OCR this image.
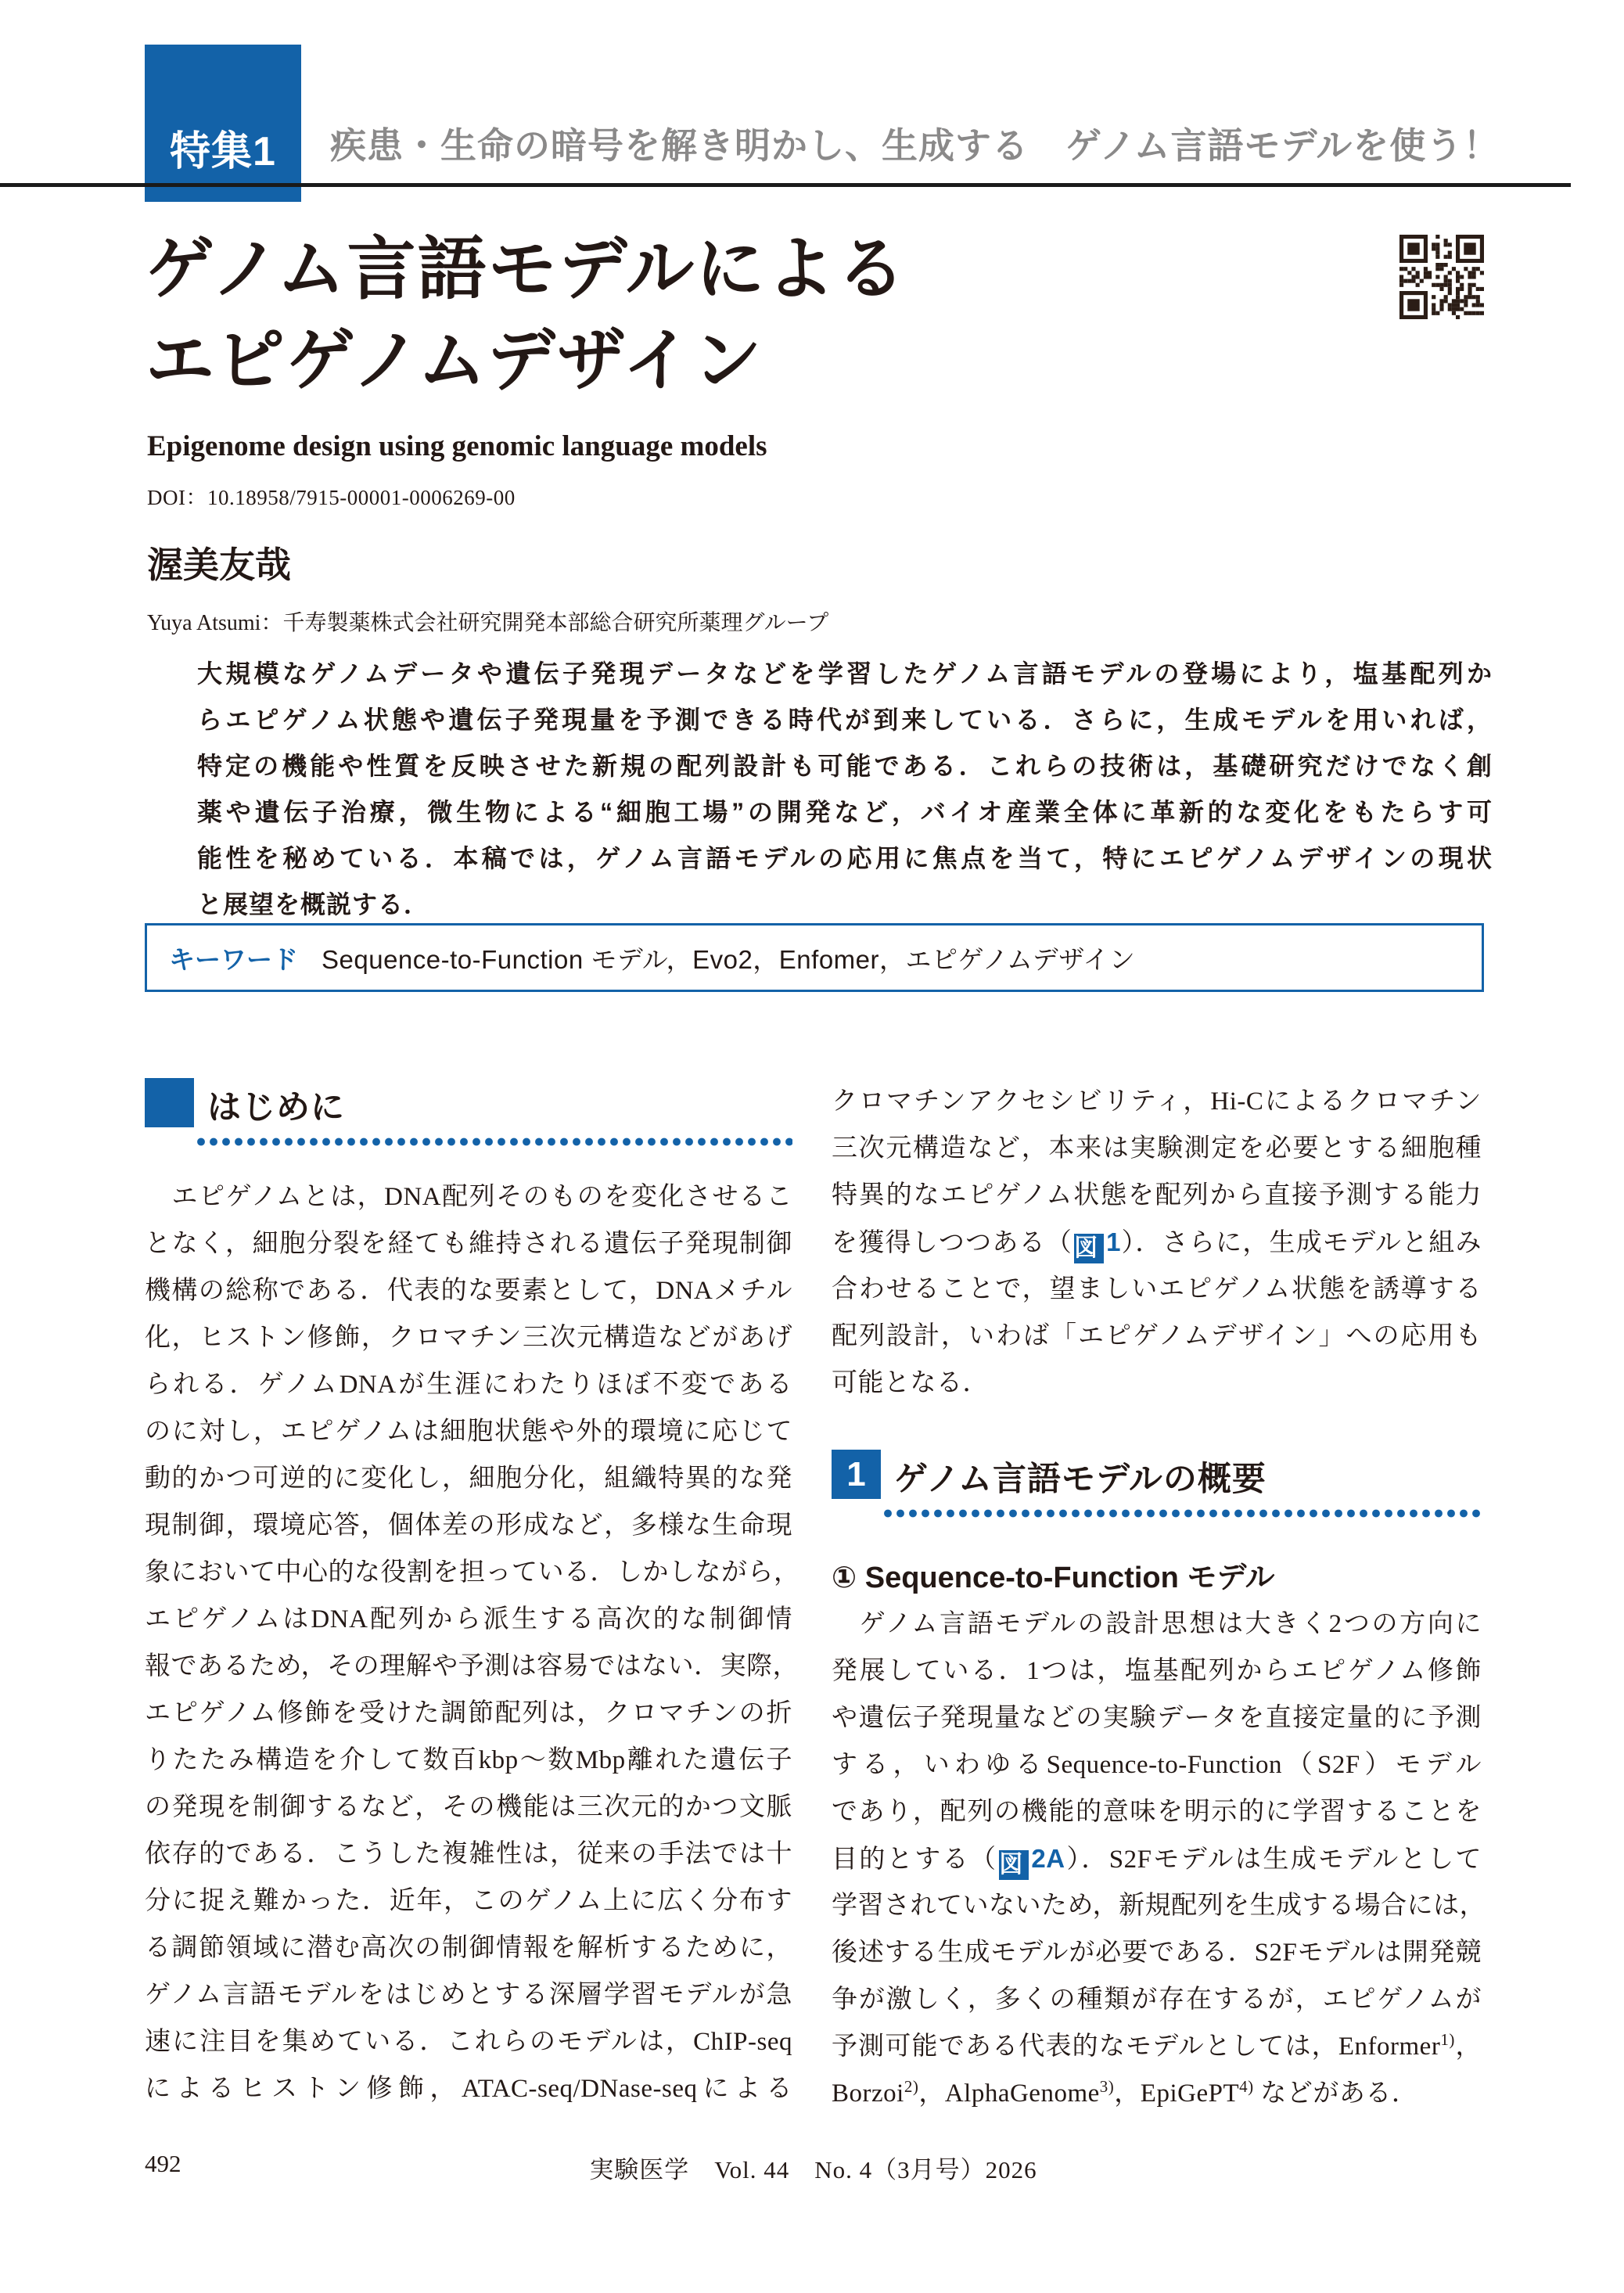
特集1 疾患・生命の暗号を解き明かし、生成する　ゲノム言語モデルを使う！
ゲノム言語モデルによる
エピゲノムデザイン
Epigenome design using genomic language models
DOI：10.18958/7915-00001-0006269-00
渥美友哉
Yuya Atsumi：千寿製薬株式会社研究開発本部総合研究所薬理グループ
大規模なゲノムデータや遺伝子発現データなどを学習したゲノム言語モデルの登場により，塩基配列か
らエピゲノム状態や遺伝子発現量を予測できる時代が到来している．さらに，生成モデルを用いれば，
特定の機能や性質を反映させた新規の配列設計も可能である．これらの技術は，基礎研究だけでなく創
薬や遺伝子治療，微生物による“細胞工場”の開発など，バイオ産業全体に革新的な変化をもたらす可
能性を秘めている．本稿では，ゲノム言語モデルの応用に焦点を当て，特にエピゲノムデザインの現状
と展望を概説する．
キーワード Sequence-to-Function モデル，Evo2，Enfomer，エピゲノムデザイン
はじめに
　エピゲノムとは，DNA配列そのものを変化させるこ
となく，細胞分裂を経ても維持される遺伝子発現制御
機構の総称である．代表的な要素として，DNAメチル
化，ヒストン修飾，クロマチン三次元構造などがあげ
られる．ゲノムDNAが生涯にわたりほぼ不変である
のに対し，エピゲノムは細胞状態や外的環境に応じて
動的かつ可逆的に変化し，細胞分化，組織特異的な発
現制御，環境応答，個体差の形成など，多様な生命現
象において中心的な役割を担っている．しかしながら，
エピゲノムはDNA配列から派生する高次的な制御情
報であるため，その理解や予測は容易ではない．実際，
エピゲノム修飾を受けた調節配列は，クロマチンの折
りたたみ構造を介して数百kbp～数Mbp離れた遺伝子
の発現を制御するなど，その機能は三次元的かつ文脈
依存的である．こうした複雑性は，従来の手法では十
分に捉え難かった．近年，このゲノム上に広く分布す
る調節領域に潜む高次の制御情報を解析するために，
ゲノム言語モデルをはじめとする深層学習モデルが急
速に注目を集めている．これらのモデルは，ChIP-seq
によるヒストン修飾，ATAC-seq/DNase-seqによる
クロマチンアクセシビリティ，Hi-Cによるクロマチン
三次元構造など，本来は実験測定を必要とする細胞種
特異的なエピゲノム状態を配列から直接予測する能力
を獲得しつつある（図 1）．さらに，生成モデルと組み
合わせることで，望ましいエピゲノム状態を誘導する
配列設計，いわば「エピゲノムデザイン」への応用も
可能となる．
1 ゲノム言語モデルの概要
① Sequence-to-Function モデル
　ゲノム言語モデルの設計思想は大きく2つの方向に
発展している．1つは，塩基配列からエピゲノム修飾
や遺伝子発現量などの実験データを直接定量的に予測
する，いわゆるSequence-to-Function（S2F）モデル
であり，配列の機能的意味を明示的に学習することを
目的とする（図 2A）．S2Fモデルは生成モデルとして
学習されていないため，新規配列を生成する場合には，
後述する生成モデルが必要である．S2Fモデルは開発競
争が激しく，多くの種類が存在するが，エピゲノムが
予測可能である代表的なモデルとしては，Enformer$^{1)}$，
Borzoi$^{2)}$，AlphaGenome$^{3)}$，EpiGePT$^{4)}$ などがある．
492	実験医学　Vol. 44　No. 4（3月号）2026
